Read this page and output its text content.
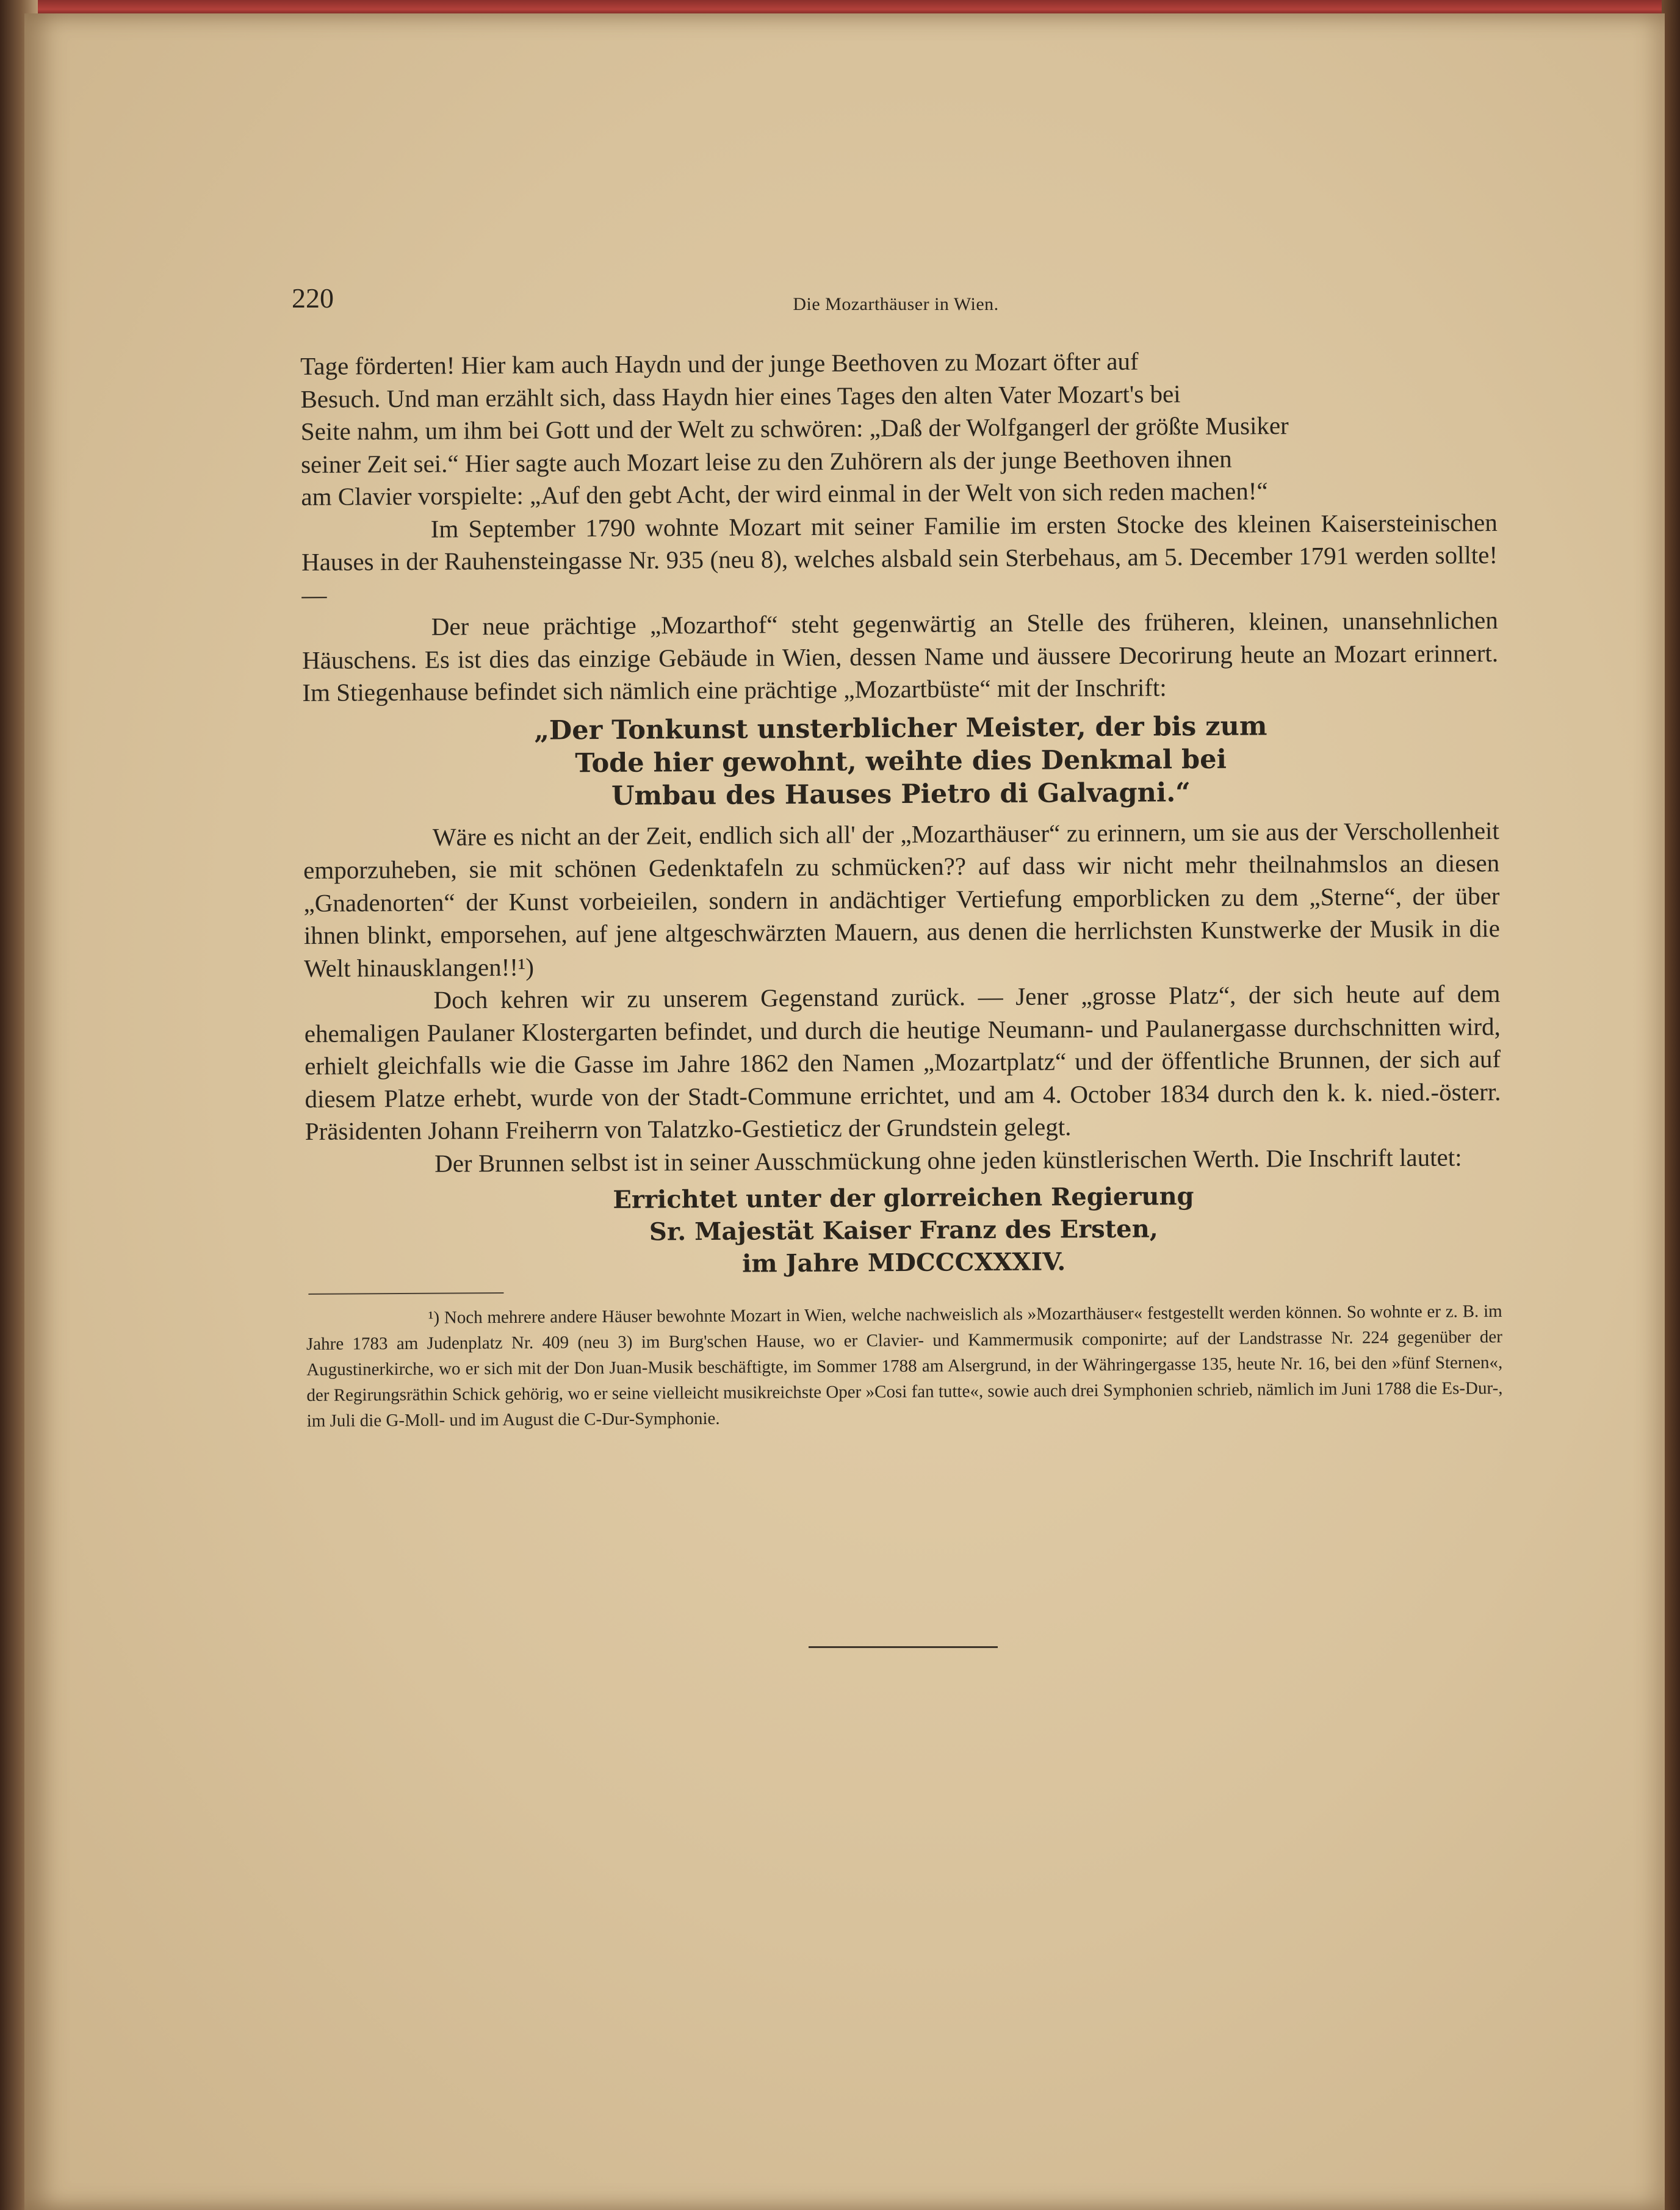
220	Die Mozarthäuser in Wien.

Tage förderten! Hier kam auch Haydn und der junge Beethoven zu Mozart öfter auf
Besuch. Und man erzählt sich, dass Haydn hier eines Tages den alten Vater Mozart's bei
Seite nahm, um ihm bei Gott und der Welt zu schwören: „Daß der Wolfgangerl der größte Musiker
seiner Zeit sei.“ Hier sagte auch Mozart leise zu den Zuhörern als der junge Beethoven ihnen
am Clavier vorspielte: „Auf den gebt Acht, der wird einmal in der Welt von sich reden machen!“

Im September 1790 wohnte Mozart mit seiner Familie im ersten Stocke des kleinen Kaisersteinischen Hauses in der Rauhensteingasse Nr. 935 (neu 8), welches alsbald sein Sterbehaus, am 5. December 1791 werden sollte! —

Der neue prächtige „Mozarthof“ steht gegenwärtig an Stelle des früheren, kleinen, unansehnlichen Häuschens. Es ist dies das einzige Gebäude in Wien, dessen Name und äussere Decorirung heute an Mozart erinnert. Im Stiegenhause befindet sich nämlich eine prächtige „Mozartbüste“ mit der Inschrift:

„Der Tonkunst unsterblicher Meister, der bis zum
Tode hier gewohnt, weihte dies Denkmal bei
Umbau des Hauses Pietro di Galvagni.“

Wäre es nicht an der Zeit, endlich sich all' der „Mozarthäuser“ zu erinnern, um sie aus der Verschollenheit emporzuheben, sie mit schönen Gedenktafeln zu schmücken?? auf dass wir nicht mehr theilnahmslos an diesen „Gnadenorten“ der Kunst vorbeieilen, sondern in andächtiger Vertiefung emporblicken zu dem „Sterne“, der über ihnen blinkt, emporsehen, auf jene altgeschwärzten Mauern, aus denen die herrlichsten Kunstwerke der Musik in die Welt hinausklangen!!¹)

Doch kehren wir zu unserem Gegenstand zurück. — Jener „grosse Platz“, der sich heute auf dem ehemaligen Paulaner Klostergarten befindet, und durch die heutige Neumann- und Paulanergasse durchschnitten wird, erhielt gleichfalls wie die Gasse im Jahre 1862 den Namen „Mozartplatz“ und der öffentliche Brunnen, der sich auf diesem Platze erhebt, wurde von der Stadt-Commune errichtet, und am 4. October 1834 durch den k. k. nied.-österr. Präsidenten Johann Freiherrn von Talatzko-Gestieticz der Grundstein gelegt.

Der Brunnen selbst ist in seiner Ausschmückung ohne jeden künstlerischen Werth. Die Inschrift lautet:

Errichtet unter der glorreichen Regierung
Sr. Majestät Kaiser Franz des Ersten,
im Jahre MDCCCXXXIV.

¹) Noch mehrere andere Häuser bewohnte Mozart in Wien, welche nachweislich als »Mozarthäuser« festgestellt werden können. So wohnte er z. B. im Jahre 1783 am Judenplatz Nr. 409 (neu 3) im Burg'schen Hause, wo er Clavier- und Kammermusik componirte; auf der Landstrasse Nr. 224 gegenüber der Augustinerkirche, wo er sich mit der Don Juan-Musik beschäftigte, im Sommer 1788 am Alsergrund, in der Währingergasse 135, heute Nr. 16, bei den »fünf Sternen«, der Regirungsräthin Schick gehörig, wo er seine vielleicht musikreichste Oper »Cosi fan tutte«, sowie auch drei Symphonien schrieb, nämlich im Juni 1788 die Es-Dur-, im Juli die G-Moll- und im August die C-Dur-Symphonie.
